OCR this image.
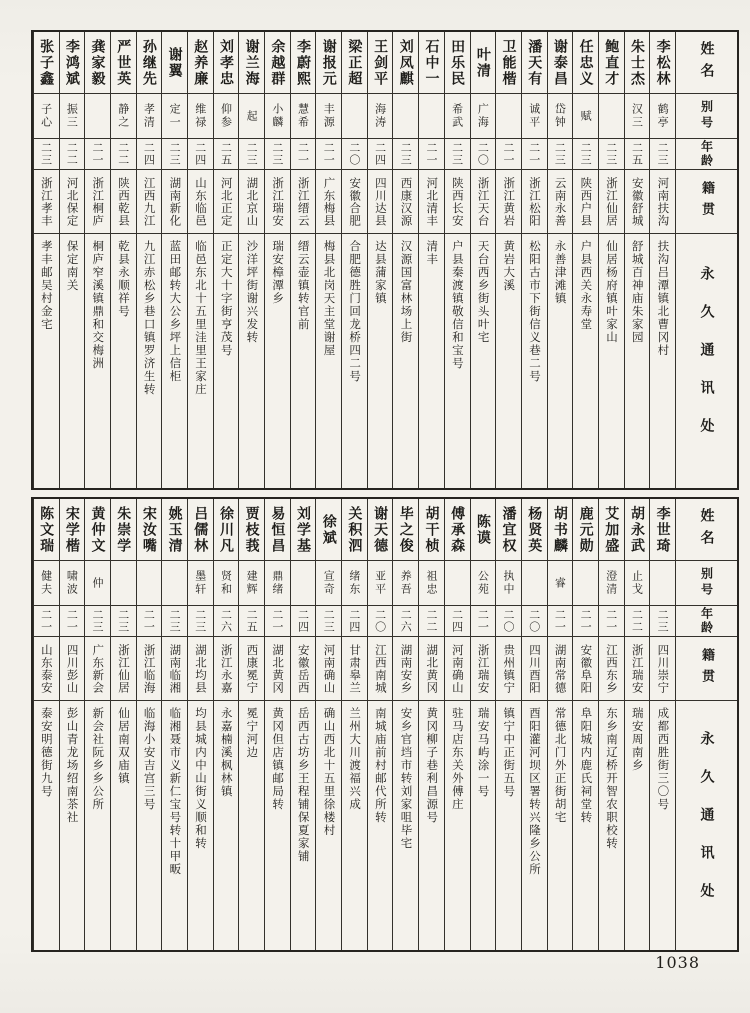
姓名
别号
年龄
籍贯
永久通讯处
李松林
鹤亭
二三
河南扶沟
扶沟吕潭镇北曹冈村
朱士杰
汉三
二五
安徽舒城
舒城百神庙朱家园
鲍直才
二三
浙江仙居
仙居杨府镇叶家山
任忠义
赋
二三
陕西户县
户县西关永寿堂
谢泰昌
岱钟
二三
云南永善
永善津滩镇
潘天有
诚平
二一
浙江松阳
松阳古市下街信义巷二号
卫能楷
二一
浙江黄岩
黄岩大溪
叶清
广海
二〇
浙江天台
天台西乡街头叶宅
田乐民
希武
二三
陕西长安
户县秦渡镇敬信和宝号
石中一
二一
河北清丰
清丰
刘凤麒
二三
西康汉源
汉源国富林场上街
王剑平
海涛
二四
四川达县
达县蒲家镇
梁正超
二〇
安徽合肥
合肥德胜门回龙桥四二号
谢报元
丰源
二一
广东梅县
梅县北岗天主堂谢屋
李蔚熙
慧希
二一
浙江缙云
缙云壶镇转官前
余越群
小麟
二三
浙江瑞安
瑞安樟潭乡
谢兰海
起
二三
湖北京山
沙洋坪街谢兴发转
刘孝忠
仰参
二五
河北正定
正定大十字街亨茂号
赵养廉
维禄
二四
山东临邑
临邑东北十五里洼里王家庄
谢翼
定一
二三
湖南新化
蓝田邮转大公乡坪上信柜
孙继先
孝清
二四
江西九江
九江赤松乡巷口镇罗济生转
严世英
静之
二二
陕西乾县
乾县永顺祥号
龚家毅
二一
浙江桐庐
桐庐窄溪镇鼎和交梅洲
李鸿斌
振三
二二
河北保定
保定南关
张子鑫
子心
二三
浙江孝丰
孝丰邮吴村金宅
姓名
别号
年龄
籍贯
永久通讯处
李世琦
二三
四川崇宁
成都西胜街三〇号
胡永武
止戈
二二
浙江瑞安
瑞安周南乡
艾加盛
澄清
二一
江西东乡
东乡南辽桥开智农职校转
鹿元勋
二一
安徽阜阳
阜阳城内鹿氏祠堂转
胡书麟
睿
二一
湖南常德
常德北门外正街胡宅
杨贤英
二〇
四川酉阳
酉阳灌河坝区署转兴隆乡公所
潘宜权
执中
二〇
贵州镇宁
镇宁中正街五号
陈谟
公苑
二一
浙江瑞安
瑞安马屿涂一号
傅承森
二四
河南确山
驻马店东关外傅庄
胡干桢
祖忠
二二
湖北黄冈
黄冈柳子巷利昌源号
毕之俊
养吾
二六
湖南安乡
安乡官垱市转刘家咀毕宅
谢天德
亚平
二〇
江西南城
南城庙前村邮代所转
关积泗
绪东
二四
甘肃皋兰
兰州大川渡福兴成
徐斌
宣奇
二三
河南确山
确山西北十五里徐楼村
刘学基
二四
安徽岳西
岳西古坊乡王程铺保夏家铺
易恒昌
鼎绪
二一
湖北黄冈
黄冈但店镇邮局转
贾枝莪
建辉
二五
西康冕宁
冕宁河边
徐川凡
贤和
二六
浙江永嘉
永嘉楠溪枫林镇
吕儒林
墨轩
二三
湖北均县
均县城内中山街义顺和转
姚玉清
二三
湖南临湘
临湘聂市义新仁宝号转十甲畈
宋汝嘴
二一
浙江临海
临海小安吉宫三号
朱崇学
二三
浙江仙居
仙居南双庙镇
黄仲文
仲
二三
广东新会
新会社阮乡乡公所
宋学楷
啸波
二一
四川彭山
彭山青龙场绍南茶社
陈文瑞
健夫
二一
山东泰安
泰安明德街九号
1038
